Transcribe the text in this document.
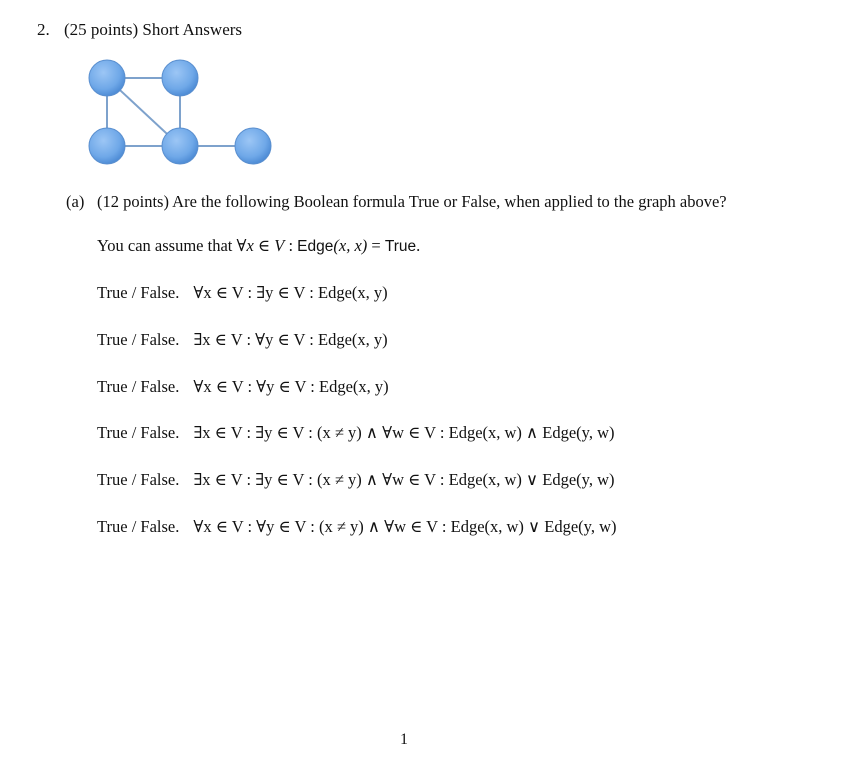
2. (25 points) Short Answers
(a) (12 points) Are the following Boolean formula True or False, when applied to the graph above?
You can assume that ∀x ∈ V : Edge(x, x) = True.
True / False. ∀x ∈ V : ∃y ∈ V : Edge(x, y)
True / False. ∃x ∈ V : ∀y ∈ V : Edge(x, y)
True / False. ∀x ∈ V : ∀y ∈ V : Edge(x, y)
True / False. ∃x ∈ V : ∃y ∈ V : (x ≠ y) ∧ ∀w ∈ V : Edge(x, w) ∧ Edge(y, w)
True / False. ∃x ∈ V : ∃y ∈ V : (x ≠ y) ∧ ∀w ∈ V : Edge(x, w) ∨ Edge(y, w)
True / False. ∀x ∈ V : ∀y ∈ V : (x ≠ y) ∧ ∀w ∈ V : Edge(x, w) ∨ Edge(y, w)
1
